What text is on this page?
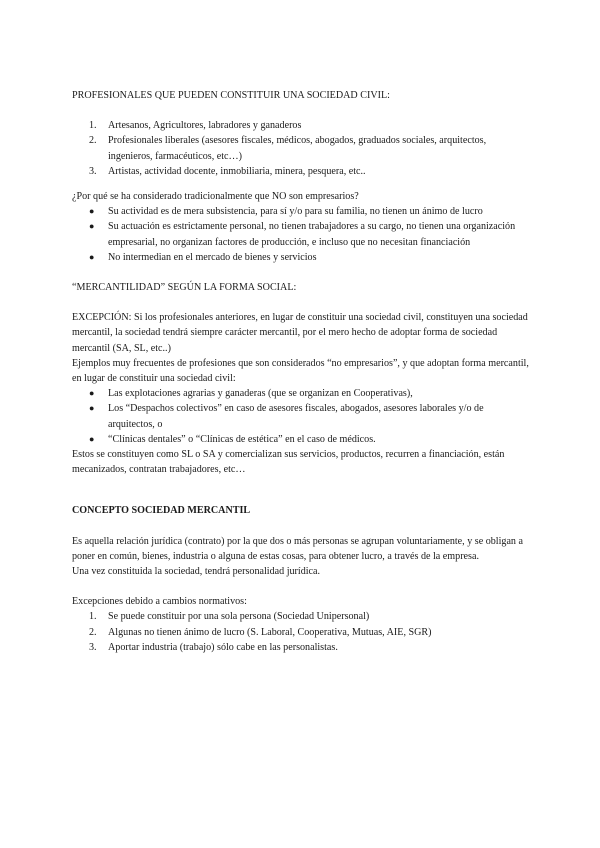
PROFESIONALES QUE PUEDEN CONSTITUIR UNA SOCIEDAD CIVIL:

1. Artesanos, Agricultores, labradores y ganaderos
2. Profesionales liberales (asesores fiscales, médicos, abogados, graduados sociales, arquitectos, ingenieros, farmacéuticos, etc…)
3. Artistas, actividad docente, inmobiliaria, minera, pesquera, etc..

¿Por qué se ha considerado tradicionalmente que NO son empresarios?

● Su actividad es de mera subsistencia, para sí y/o para su familia, no tienen un ánimo de lucro
● Su actuación es estrictamente personal, no tienen trabajadores a su cargo, no tienen una organización empresarial, no organizan factores de producción, e incluso que no necesitan financiación
● No intermedian en el mercado de bienes y servicios

“MERCANTILIDAD” SEGÚN LA FORMA SOCIAL:

EXCEPCIÓN: Si los profesionales anteriores, en lugar de constituir una sociedad civil, constituyen una sociedad mercantil, la sociedad tendrá siempre carácter mercantil, por el mero hecho de adoptar forma de sociedad mercantil (SA, SL, etc..)

Ejemplos muy frecuentes de profesiones que son considerados “no empresarios”, y que adoptan forma mercantil, en lugar de constituir una sociedad civil:

● Las explotaciones agrarias y ganaderas (que se organizan en Cooperativas),
● Los “Despachos colectivos” en caso de asesores fiscales, abogados, asesores laborales y/o de arquitectos, o
● “Clínicas dentales” o “Clínicas de estética” en el caso de médicos.

Estos se constituyen como SL o SA y comercializan sus servicios, productos, recurren a financiación, están mecanizados, contratan trabajadores, etc…

CONCEPTO SOCIEDAD MERCANTIL

Es aquella relación jurídica (contrato) por la que dos o más personas se agrupan voluntariamente, y se obligan a poner en común, bienes, industria o alguna de estas cosas, para obtener lucro, a través de la empresa.

Una vez constituida la sociedad, tendrá personalidad jurídica.

Excepciones debido a cambios normativos:

1. Se puede constituir por una sola persona (Sociedad Unipersonal)
2. Algunas no tienen ánimo de lucro (S. Laboral, Cooperativa, Mutuas, AIE, SGR)
3. Aportar industria (trabajo) sólo cabe en las personalistas.
